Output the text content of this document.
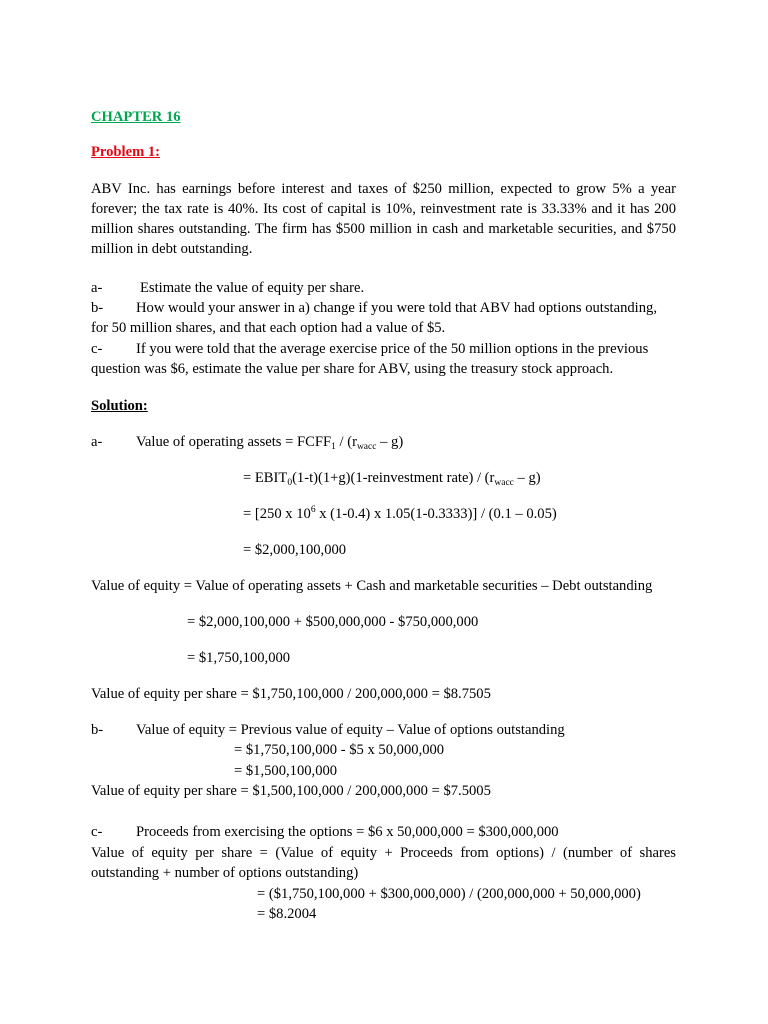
CHAPTER 16
Problem 1:
ABV Inc. has earnings before interest and taxes of $250 million, expected to grow 5% a year forever; the tax rate is 40%. Its cost of capital is 10%, reinvestment rate is 33.33% and it has 200 million shares outstanding. The firm has $500 million in cash and marketable securities, and $750 million in debt outstanding.
a-	Estimate the value of equity per share.
b- How would your answer in a) change if you were told that ABV had options outstanding,
for 50 million shares, and that each option had a value of $5.
c- If you were told that the average exercise price of the 50 million options in the previous
question was $6, estimate the value per share for ABV, using the treasury stock approach.
Solution:
a- Value of operating assets = $FCFF_1 / (r_{wacc} - g)$
= $EBIT_0(1-t)(1+g)(1$-reinvestment rate) / $(r_{wacc} - g)$
= [250 x $10^6$ x (1-0.4) x 1.05(1-0.3333)] / (0.1 – 0.05)
= $2,000,100,000
Value of equity = Value of operating assets + Cash and marketable securities – Debt outstanding
= $2,000,100,000 + $500,000,000 - $750,000,000
= $1,750,100,000
Value of equity per share = $1,750,100,000 / 200,000,000 = $8.7505
b- Value of equity = Previous value of equity – Value of options outstanding
= $1,750,100,000 - $5 x 50,000,000
= $1,500,100,000
Value of equity per share = $1,500,100,000 / 200,000,000 = $7.5005
c- Proceeds from exercising the options = $6 x 50,000,000 = $300,000,000
Value of equity per share = (Value of equity + Proceeds from options) / (number of shares outstanding + number of options outstanding)
= ($1,750,100,000 + $300,000,000) / (200,000,000 + 50,000,000)
= $8.2004
